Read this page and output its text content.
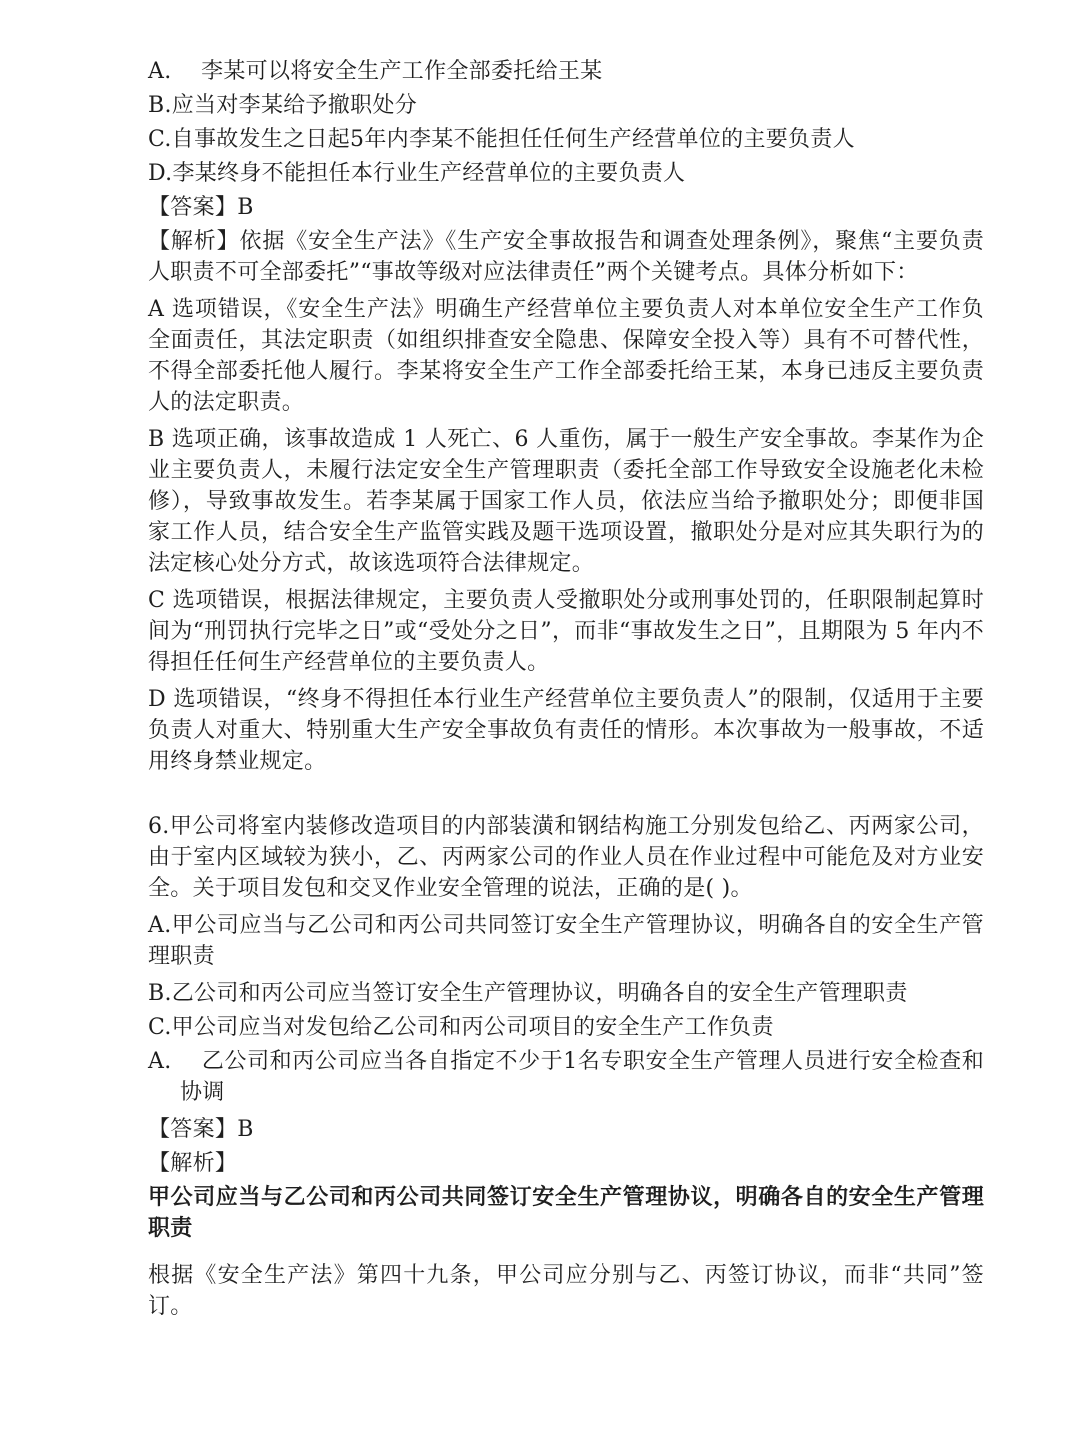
A.　 李某可以将安全生产工作全部委托给王某
B.应当对李某给予撤职处分
C.自事故发生之日起5年内李某不能担任任何生产经营单位的主要负责人
D.李某终身不能担任本行业生产经营单位的主要负责人
【答案】B
【解析】依据《安全生产法》《生产安全事故报告和调查处理条例》，聚焦“主要负责人职责不可全部委托”“事故等级对应法律责任”两个关键考点。具体分析如下：
A 选项错误，《安全生产法》明确生产经营单位主要负责人对本单位安全生产工作负全面责任，其法定职责（如组织排查安全隐患、保障安全投入等）具有不可替代性，不得全部委托他人履行。李某将安全生产工作全部委托给王某，本身已违反主要负责人的法定职责。
B 选项正确，该事故造成 1 人死亡、6 人重伤，属于一般生产安全事故。李某作为企业主要负责人，未履行法定安全生产管理职责（委托全部工作导致安全设施老化未检修），导致事故发生。若李某属于国家工作人员，依法应当给予撤职处分；即便非国家工作人员，结合安全生产监管实践及题干选项设置，撤职处分是对应其失职行为的法定核心处分方式，故该选项符合法律规定。
C 选项错误，根据法律规定，主要负责人受撤职处分或刑事处罚的，任职限制起算时间为“刑罚执行完毕之日”或“受处分之日”，而非“事故发生之日”，且期限为 5 年内不得担任任何生产经营单位的主要负责人。
D 选项错误，“终身不得担任本行业生产经营单位主要负责人”的限制，仅适用于主要负责人对重大、特别重大生产安全事故负有责任的情形。本次事故为一般事故，不适用终身禁业规定。
6.甲公司将室内装修改造项目的内部装潢和钢结构施工分别发包给乙、丙两家公司，由于室内区域较为狭小，乙、丙两家公司的作业人员在作业过程中可能危及对方业安全。关于项目发包和交叉作业安全管理的说法，正确的是( )。
A.甲公司应当与乙公司和丙公司共同签订安全生产管理协议，明确各自的安全生产管理职责
B.乙公司和丙公司应当签订安全生产管理协议，明确各自的安全生产管理职责
C.甲公司应当对发包给乙公司和丙公司项目的安全生产工作负责
A.　 乙公司和丙公司应当各自指定不少于1名专职安全生产管理人员进行安全检查和协调
【答案】B
【解析】
甲公司应当与乙公司和丙公司共同签订安全生产管理协议，明确各自的安全生产管理职责
根据《安全生产法》第四十九条，甲公司应分别与乙、丙签订协议，而非“共同”签订。
